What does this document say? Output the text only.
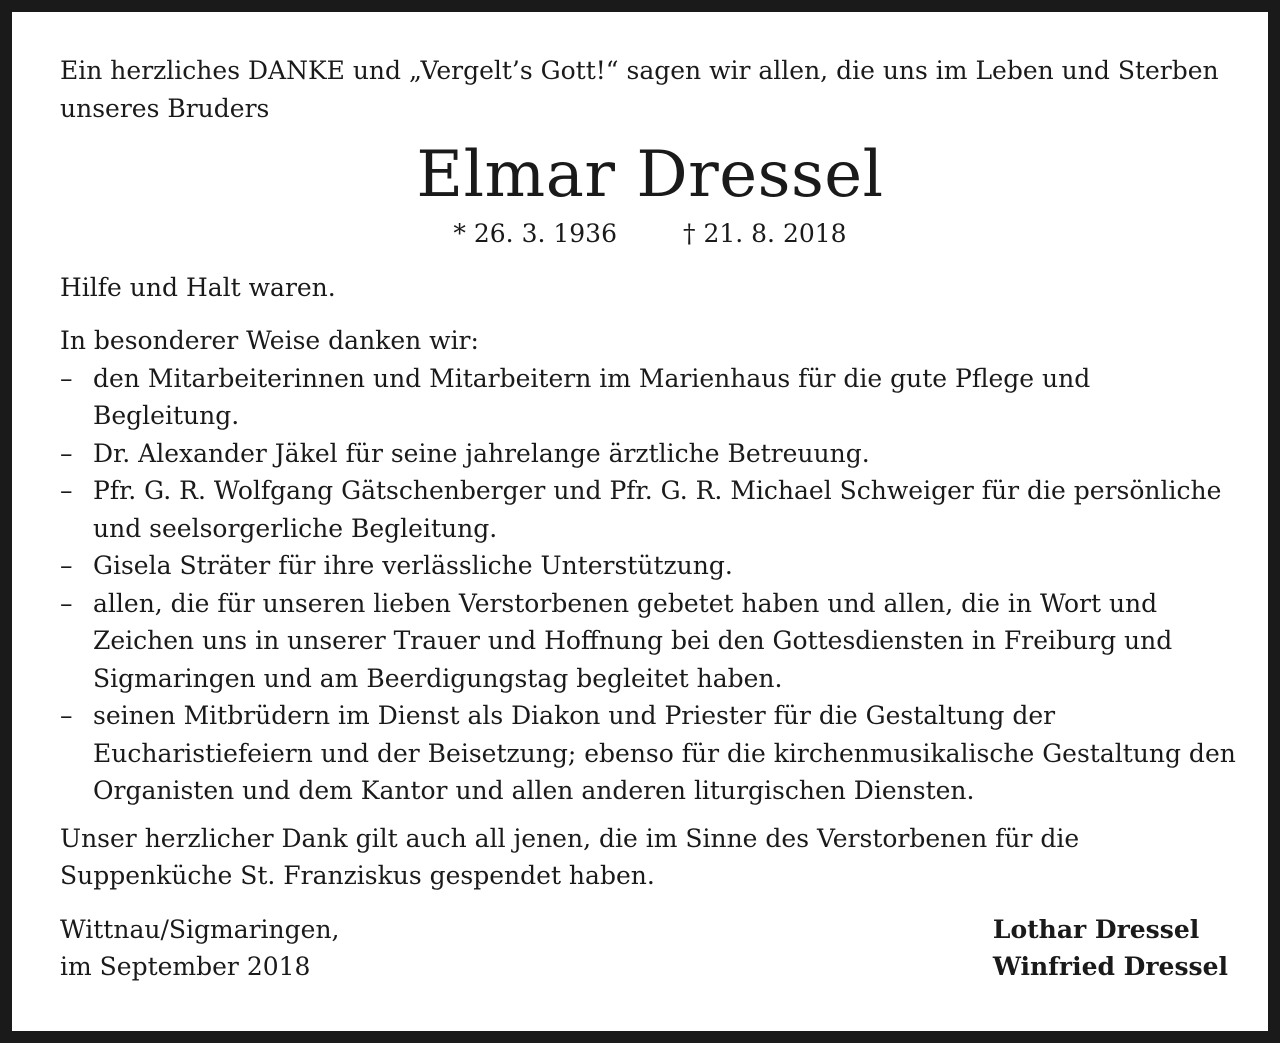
Ein herzliches DANKE und „Vergelt’s Gott!“ sagen wir allen, die uns im Leben und Sterben unseres Bruders

Elmar Dressel
* 26. 3. 1936	† 21. 8. 2018

Hilfe und Halt waren.

In besonderer Weise danken wir:

– den Mitarbeiterinnen und Mitarbeitern im Marienhaus für die gute Pflege und Begleitung.
– Dr. Alexander Jäkel für seine jahrelange ärztliche Betreuung.
– Pfr. G. R. Wolfgang Gätschenberger und Pfr. G. R. Michael Schweiger für die persönliche und seelsorgerliche Begleitung.
– Gisela Sträter für ihre verlässliche Unterstützung.
– allen, die für unseren lieben Verstorbenen gebetet haben und allen, die in Wort und Zeichen uns in unserer Trauer und Hoffnung bei den Gottesdiensten in Freiburg und Sigmaringen und am Beerdigungstag begleitet haben.
– seinen Mitbrüdern im Dienst als Diakon und Priester für die Gestaltung der Eucharistiefeiern und der Beisetzung; ebenso für die kirchenmusikalische Gestaltung den Organisten und dem Kantor und allen anderen liturgischen Diensten.

Unser herzlicher Dank gilt auch all jenen, die im Sinne des Verstorbenen für die Suppenküche St. Franziskus gespendet haben.

Wittnau/Sigmaringen,

im September 2018

Lothar Dressel

Winfried Dressel
